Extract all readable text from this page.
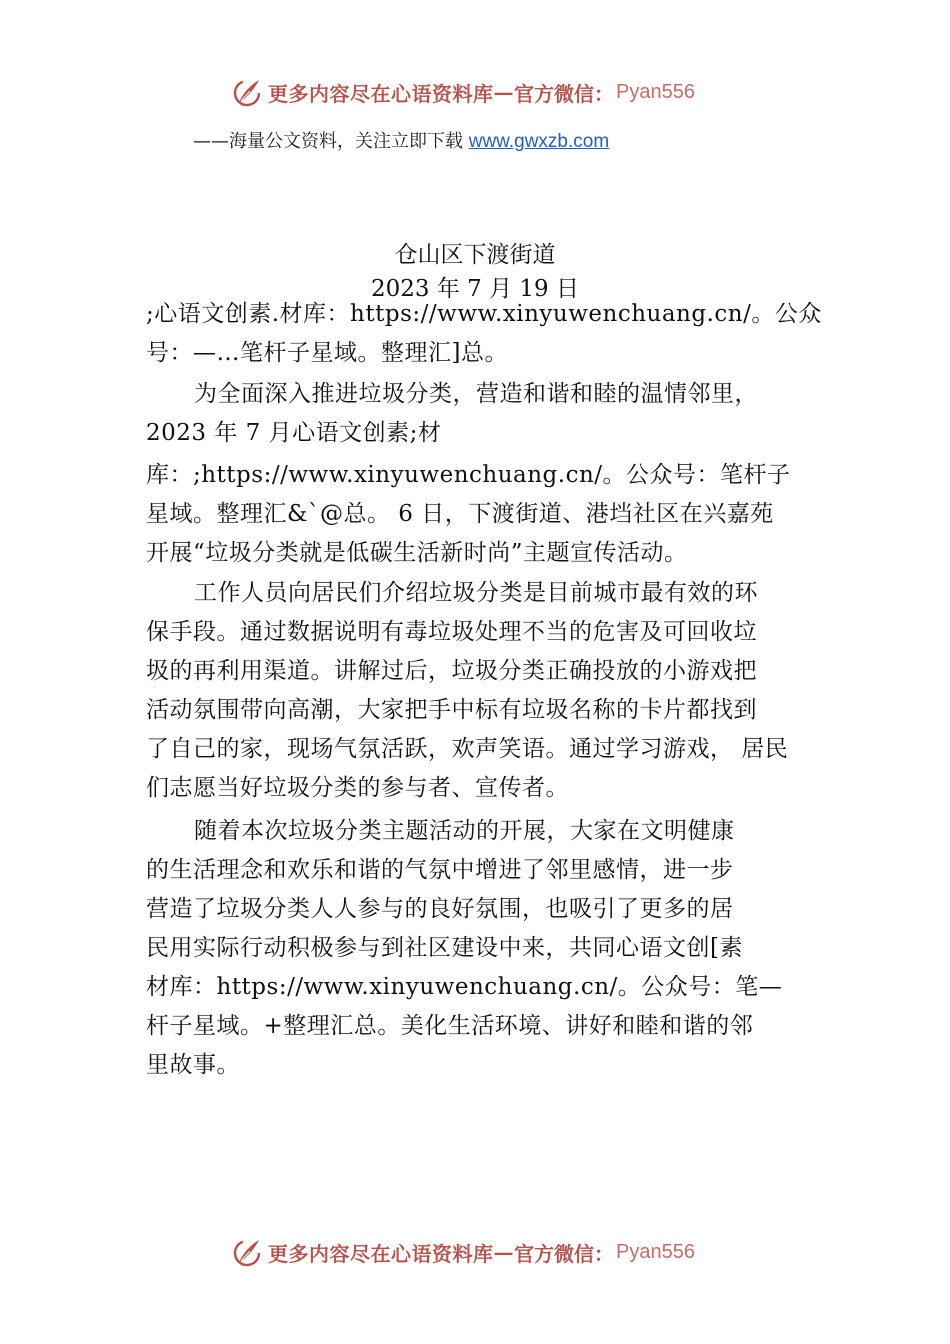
更多内容尽在心语资料库 — 官方微信： Pyan556
——海量公文资料，关注立即下载 www.gwxzb.com
仓山区下渡街道
2023 年 7 月 19 日
;心语文创素.材库：https://www.xinyuwenchuang.cn/。公众
号：—…笔杆子星域。整理汇]总。
为全面深入推进垃圾分类，营造和谐和睦的温情邻里，
2023 年 7 月心语文创素;材
库：;https://www.xinyuwenchuang.cn/。公众号：笔杆子
星域。整理汇&`@总。 6 日，下渡街道、港垱社区在兴嘉苑
开展“垃圾分类就是低碳生活新时尚”主题宣传活动。
工作人员向居民们介绍垃圾分类是目前城市最有效的环
保手段。通过数据说明有毒垃圾处理不当的危害及可回收垃
圾的再利用渠道。讲解过后，垃圾分类正确投放的小游戏把
活动氛围带向高潮，大家把手中标有垃圾名称的卡片都找到
了自己的家，现场气氛活跃，欢声笑语。通过学习游戏， 居民
们志愿当好垃圾分类的参与者、宣传者。
随着本次垃圾分类主题活动的开展，大家在文明健康
的生活理念和欢乐和谐的气氛中增进了邻里感情，进一步
营造了垃圾分类人人参与的良好氛围，也吸引了更多的居
民用实际行动积极参与到社区建设中来，共同心语文创[素
材库：https://www.xinyuwenchuang.cn/。公众号：笔—
杆子星域。+整理汇总。美化生活环境、讲好和睦和谐的邻
里故事。
更多内容尽在心语资料库 — 官方微信： Pyan556
